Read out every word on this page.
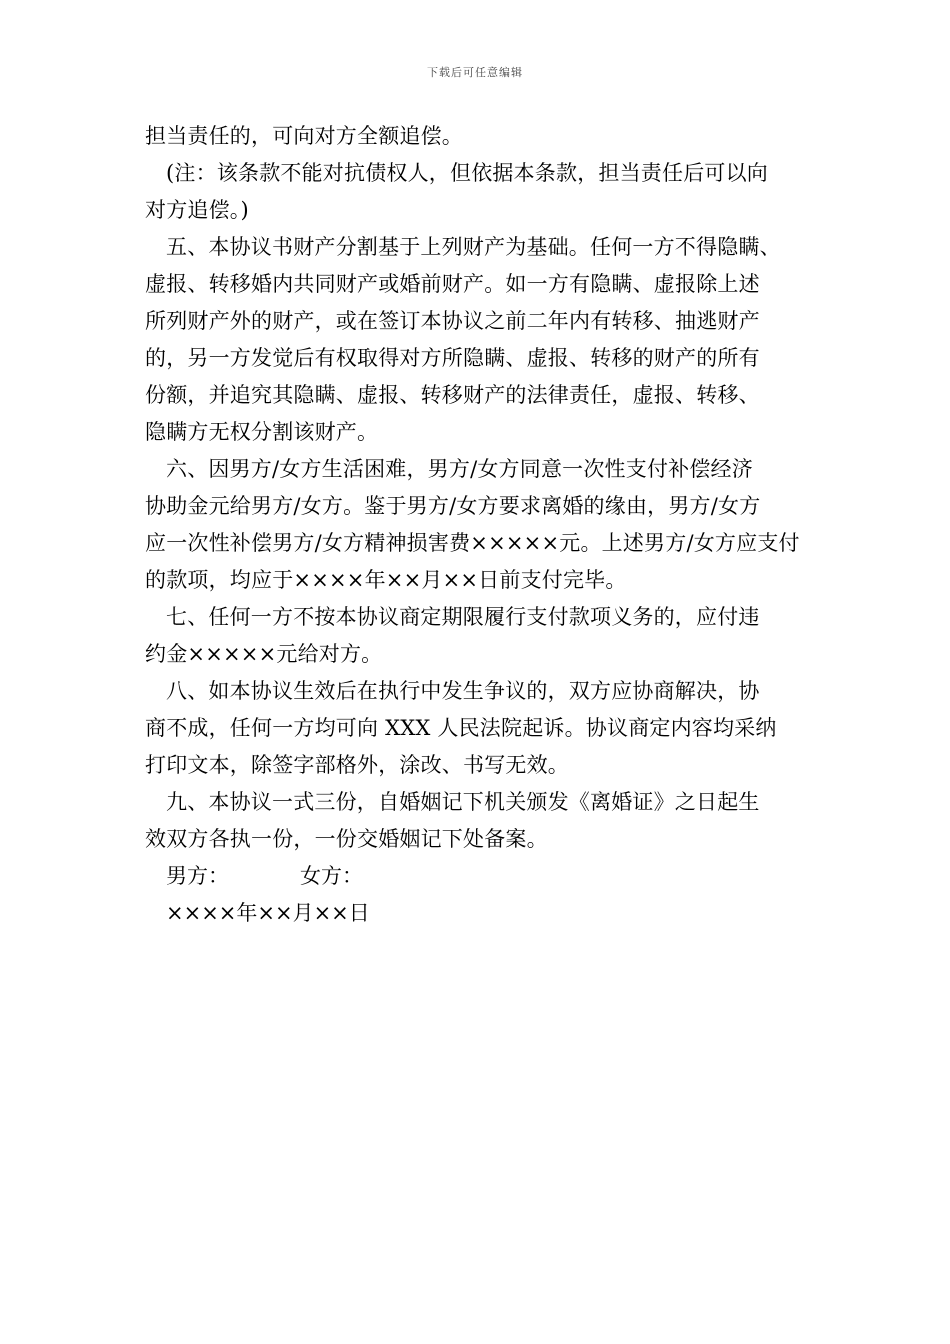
下载后可任意编辑
担当责任的，可向对方全额追偿。
(注：该条款不能对抗债权人，但依据本条款，担当责任后可以向
对方追偿。)
五、本协议书财产分割基于上列财产为基础。任何一方不得隐瞒、
虚报、转移婚内共同财产或婚前财产。如一方有隐瞒、虚报除上述
所列财产外的财产，或在签订本协议之前二年内有转移、抽逃财产
的，另一方发觉后有权取得对方所隐瞒、虚报、转移的财产的所有
份额，并追究其隐瞒、虚报、转移财产的法律责任，虚报、转移、
隐瞒方无权分割该财产。
六、因男方/女方生活困难，男方/女方同意一次性支付补偿经济
协助金元给男方/女方。鉴于男方/女方要求离婚的缘由，男方/女方
应一次性补偿男方/女方精神损害费×××××元。上述男方/女方应支付
的款项，均应于××××年××月××日前支付完毕。
七、任何一方不按本协议商定期限履行支付款项义务的，应付违
约金×××××元给对方。
八、如本协议生效后在执行中发生争议的，双方应协商解决，协
商不成，任何一方均可向 XXX 人民法院起诉。协议商定内容均采纳
打印文本，除签字部格外，涂改、书写无效。
九、本协议一式三份，自婚姻记下机关颁发《离婚证》之日起生
效双方各执一份，一份交婚姻记下处备案。
男方：	女方：
××××年××月××日
